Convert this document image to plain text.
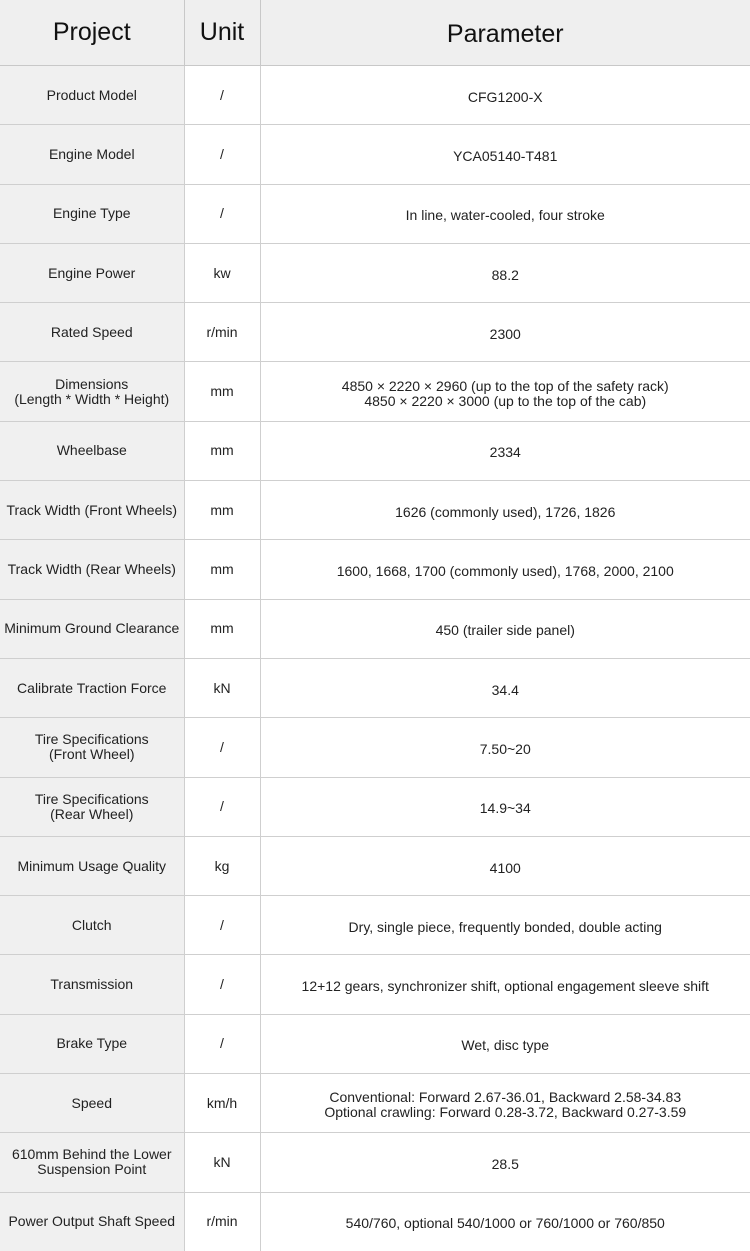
Project	Unit	Parameter

Product Model	/	CFG1200-X

Engine Model	/	YCA05140-T481

Engine Type	/	In line, water-cooled, four stroke

Engine Power	kw	88.2

Rated Speed	r/min	2300

Dimensions
(Length * Width * Height)	mm	4850 × 2220 × 2960 (up to the top of the safety rack)
4850 × 2220 × 3000 (up to the top of the cab)

Wheelbase	mm	2334

Track Width (Front Wheels)	mm	1626 (commonly used), 1726, 1826

Track Width (Rear Wheels)	mm	1600, 1668, 1700 (commonly used), 1768, 2000, 2100

Minimum Ground Clearance	mm	450 (trailer side panel)

Calibrate Traction Force	kN	34.4

Tire Specifications
(Front Wheel)	/	7.50~20

Tire Specifications
(Rear Wheel)	/	14.9~34

Minimum Usage Quality	kg	4100

Clutch	/	Dry, single piece, frequently bonded, double acting

Transmission	/	12+12 gears, synchronizer shift, optional engagement sleeve shift

Brake Type	/	Wet, disc type

Speed	km/h	Conventional: Forward 2.67-36.01, Backward 2.58-34.83
Optional crawling: Forward 0.28-3.72, Backward 0.27-3.59

610mm Behind the Lower
Suspension Point	kN	28.5

Power Output Shaft Speed	r/min	540/760, optional 540/1000 or 760/1000 or 760/850
